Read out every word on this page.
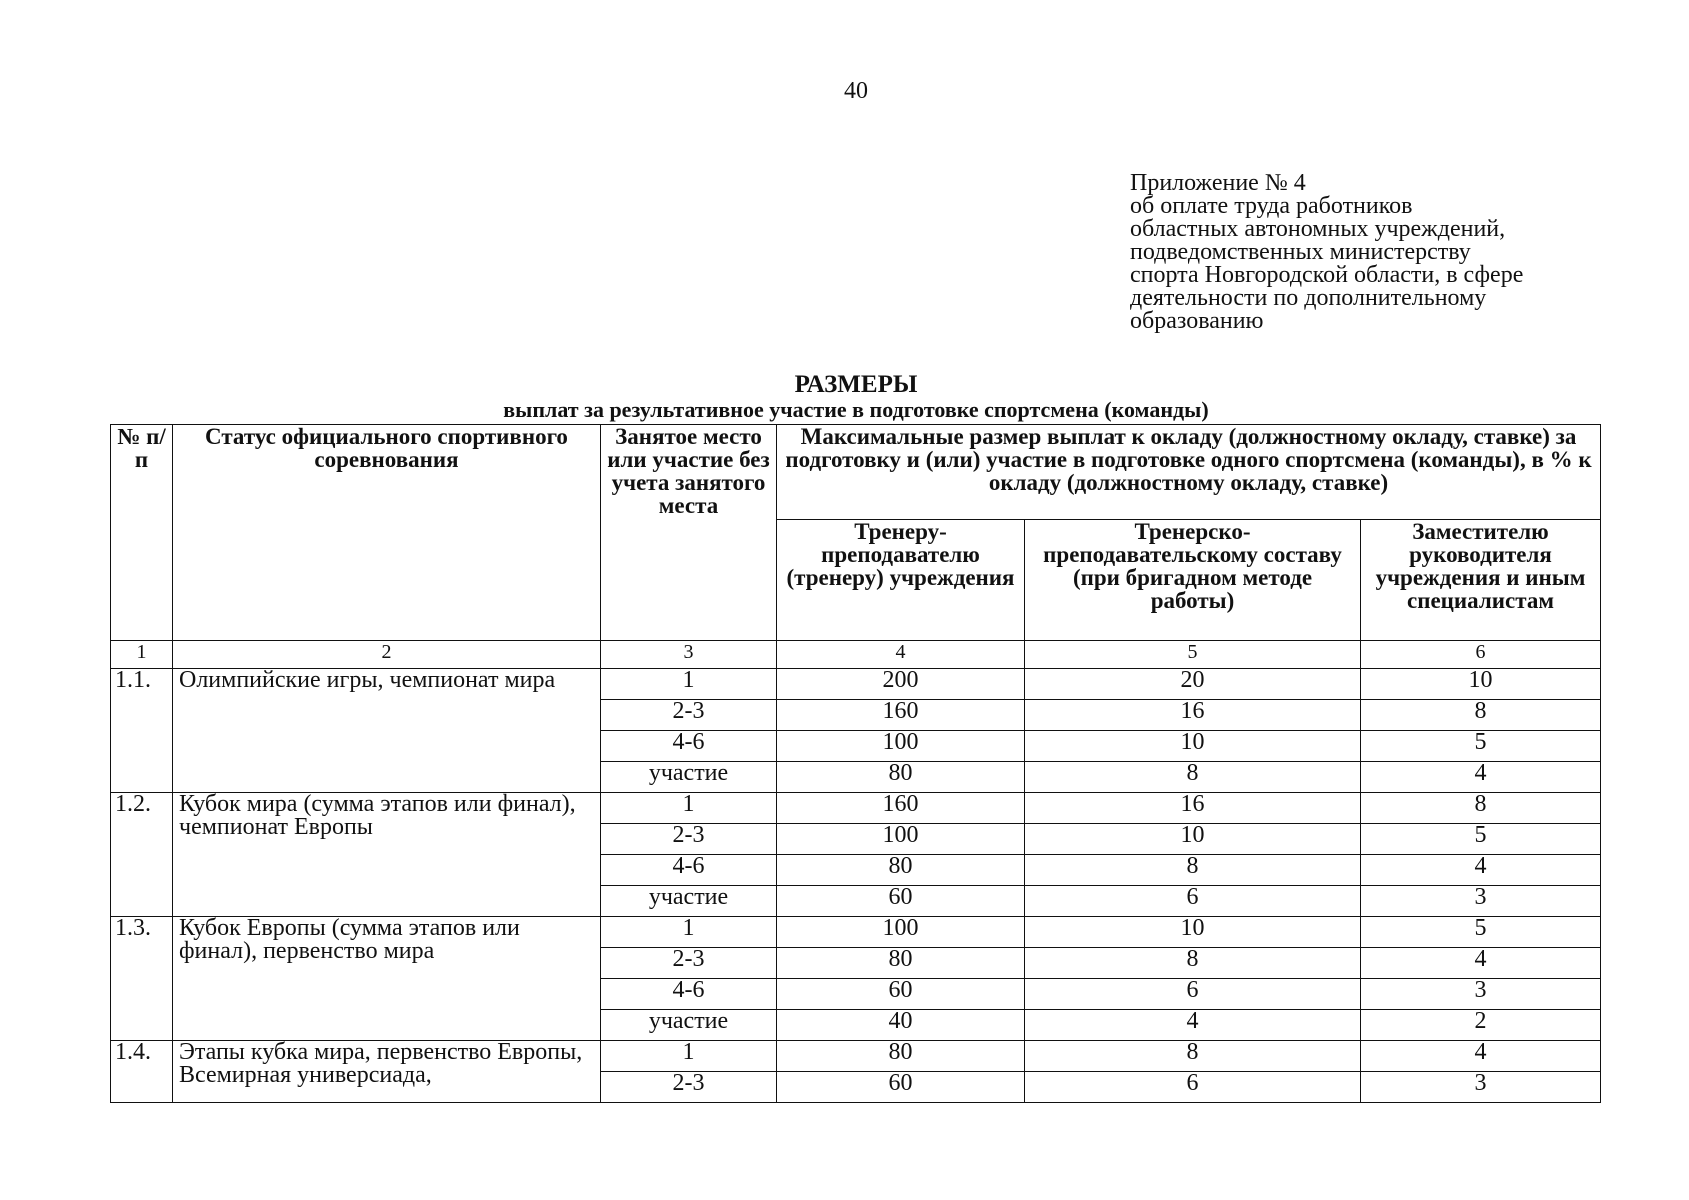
40
Приложение № 4
об оплате труда работников
областных автономных учреждений,
подведомственных министерству
спорта Новгородской области, в сфере
деятельности по дополнительному
образованию
РАЗМЕРЫ
выплат за результативное участие в подготовке спортсмена (команды)
№ п/п	Статус официального спортивного соревнования	Занятое место или участие без учета занятого места	Максимальные размер выплат к окладу (должностному окладу, ставке) за подготовку и (или) участие в подготовке одного спортсмена (команды), в % к окладу (должностному окладу, ставке)		
			Тренеру-преподавателю (тренеру) учреждения	Тренерско-преподавательскому составу (при бригадном методе работы)	Заместителю руководителя учреждения и иным специалистам
1	2	3	4	5	6
1.1.	Олимпийские игры, чемпионат мира	1	200	20	10
		2-3	160	16	8
		4-6	100	10	5
		участие	80	8	4
1.2.	Кубок мира (сумма этапов или финал), чемпионат Европы	1	160	16	8
		2-3	100	10	5
		4-6	80	8	4
		участие	60	6	3
1.3.	Кубок Европы (сумма этапов или финал), первенство мира	1	100	10	5
		2-3	80	8	4
		4-6	60	6	3
		участие	40	4	2
1.4.	Этапы кубка мира, первенство Европы, Всемирная универсиада,	1	80	8	4
		2-3	60	6	3
